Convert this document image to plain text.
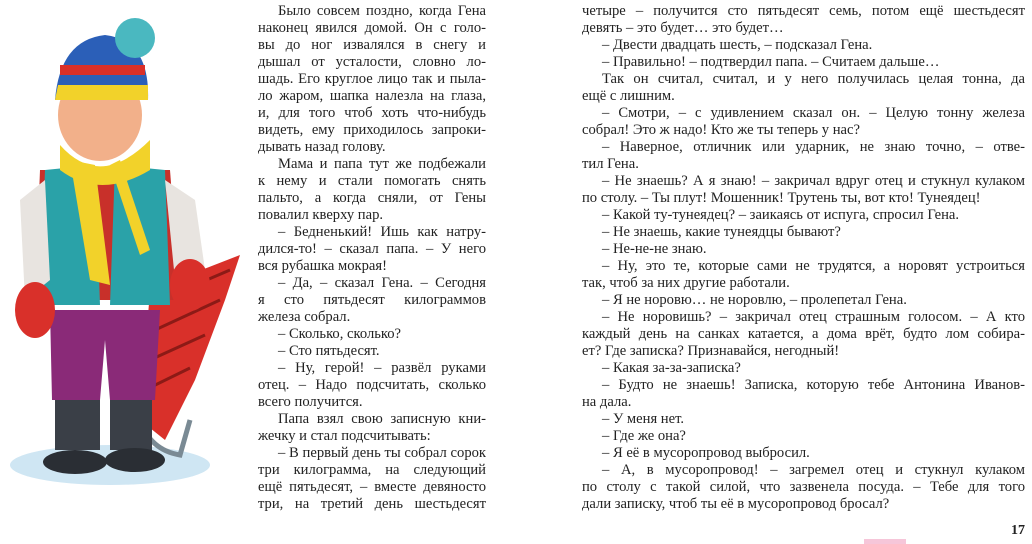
Было совсем поздно, когда Гена
наконец явился домой. Он с голо-
вы до ног извалялся в снегу и
дышал от усталости, словно ло-
шадь. Его круглое лицо так и пыла-
ло жаром, шапка налезла на глаза,
и, для того чтоб хоть что-нибудь
видеть, ему приходилось запроки-
дывать назад голову.
Мама и папа тут же подбежали
к нему и стали помогать снять
пальто, а когда сняли, от Гены
повалил кверху пар.
– Бедненький! Ишь как натру-
дился-то! – сказал папа. – У него
вся рубашка мокрая!
– Да, – сказал Гена. – Сегодня
я сто пятьдесят килограммов
железа собрал.
– Сколько, сколько?
– Сто пятьдесят.
– Ну, герой! – развёл руками
отец. – Надо подсчитать, сколько
всего получится.
Папа взял свою записную кни-
жечку и стал подсчитывать:
– В первый день ты собрал сорок
три килограмма, на следующий
ещё пятьдесят, – вместе девяносто
три, на третий день шестьдесят
четыре – получится сто пятьдесят семь, потом ещё шестьдесят
девять – это будет… это будет…
– Двести двадцать шесть, – подсказал Гена.
– Правильно! – подтвердил папа. – Считаем дальше…
Так он считал, считал, и у него получилась целая тонна, да
ещё с лишним.
– Смотри, – с удивлением сказал он. – Целую тонну железа
собрал! Это ж надо! Кто же ты теперь у нас?
– Наверное, отличник или ударник, не знаю точно, – отве-
тил Гена.
– Не знаешь? А я знаю! – закричал вдруг отец и стукнул кулаком
по столу. – Ты плут! Мошенник! Трутень ты, вот кто! Тунеядец!
– Какой ту-тунеядец? – заикаясь от испуга, спросил Гена.
– Не знаешь, какие тунеядцы бывают?
– Не-не-не знаю.
– Ну, это те, которые сами не трудятся, а норовят устроиться
так, чтоб за них другие работали.
– Я не норовю… не норовлю, – пролепетал Гена.
– Не норовишь? – закричал отец страшным голосом. – А кто
каждый день на санках катается, а дома врёт, будто лом собира-
ет? Где записка? Признавайся, негодный!
– Какая за-за-записка?
– Будто не знаешь! Записка, которую тебе Антонина Иванов-
на дала.
– У меня нет.
– Где же она?
– Я её в мусоропровод выбросил.
– А, в мусоропровод! – загремел отец и стукнул кулаком
по столу с такой силой, что зазвенела посуда. – Тебе для того
дали записку, чтоб ты её в мусоропровод бросал?
17
